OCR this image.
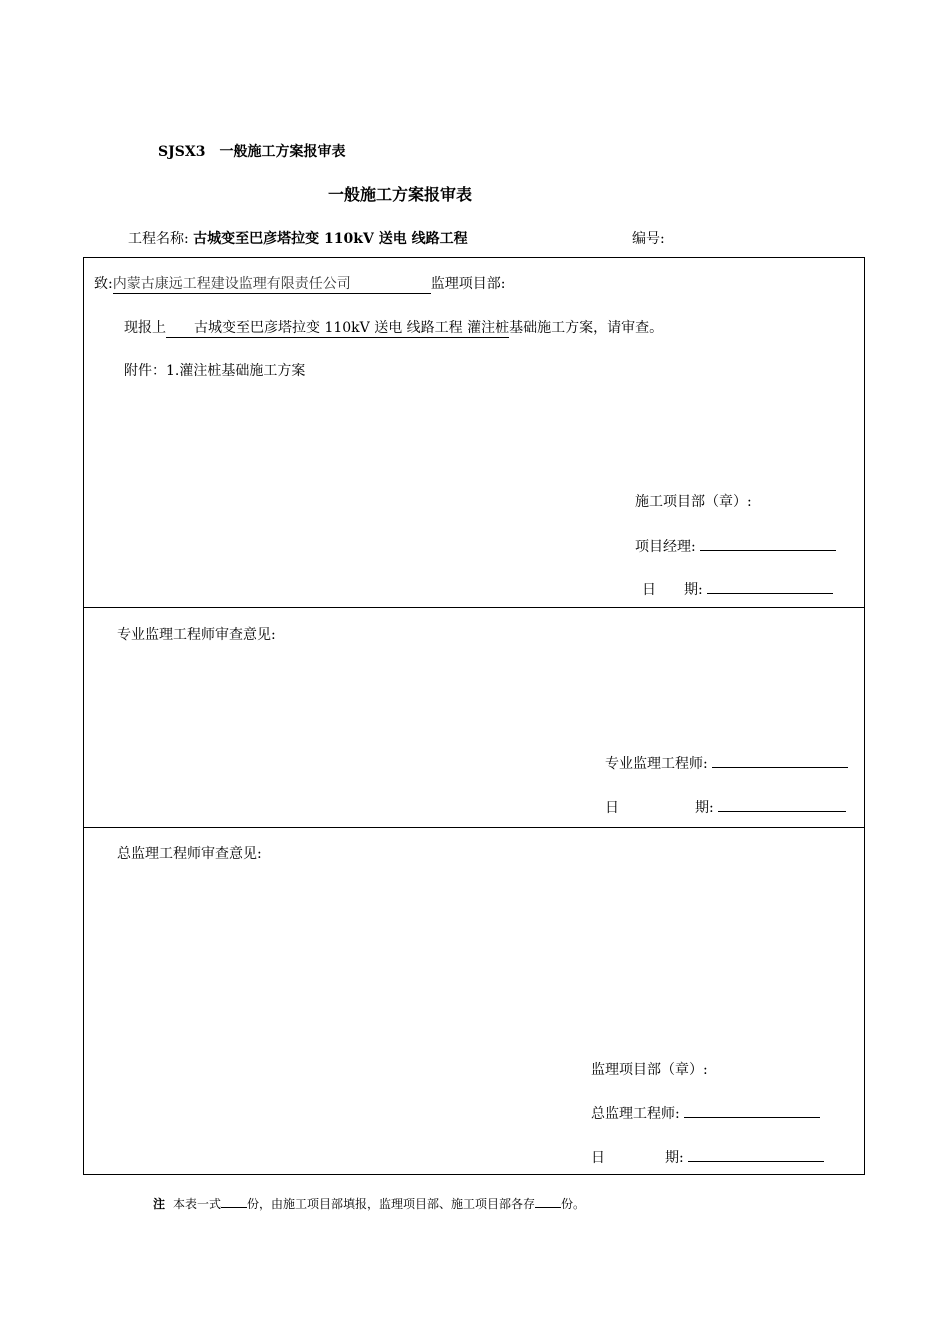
SJSX3　一般施工方案报审表
一般施工方案报审表
工程名称: 古城变至巴彦塔拉变 110kV 送电 线路工程	编号:
致:内蒙古康远工程建设监理有限责任公司	监理项目部:
现报上 古城变至巴彦塔拉变 110kV 送电 线路工程 灌注桩基础施工方案，请审查。
附件：1.灌注桩基础施工方案
施工项目部（章）:
项目经理:
日　　期:
专业监理工程师审查意见:
专业监理工程师:
日	期:
总监理工程师审查意见:
监理项目部（章）:
总监理工程师:
日	期:
注 本表一式 份，由施工项目部填报，监理项目部、施工项目部各存 份。
